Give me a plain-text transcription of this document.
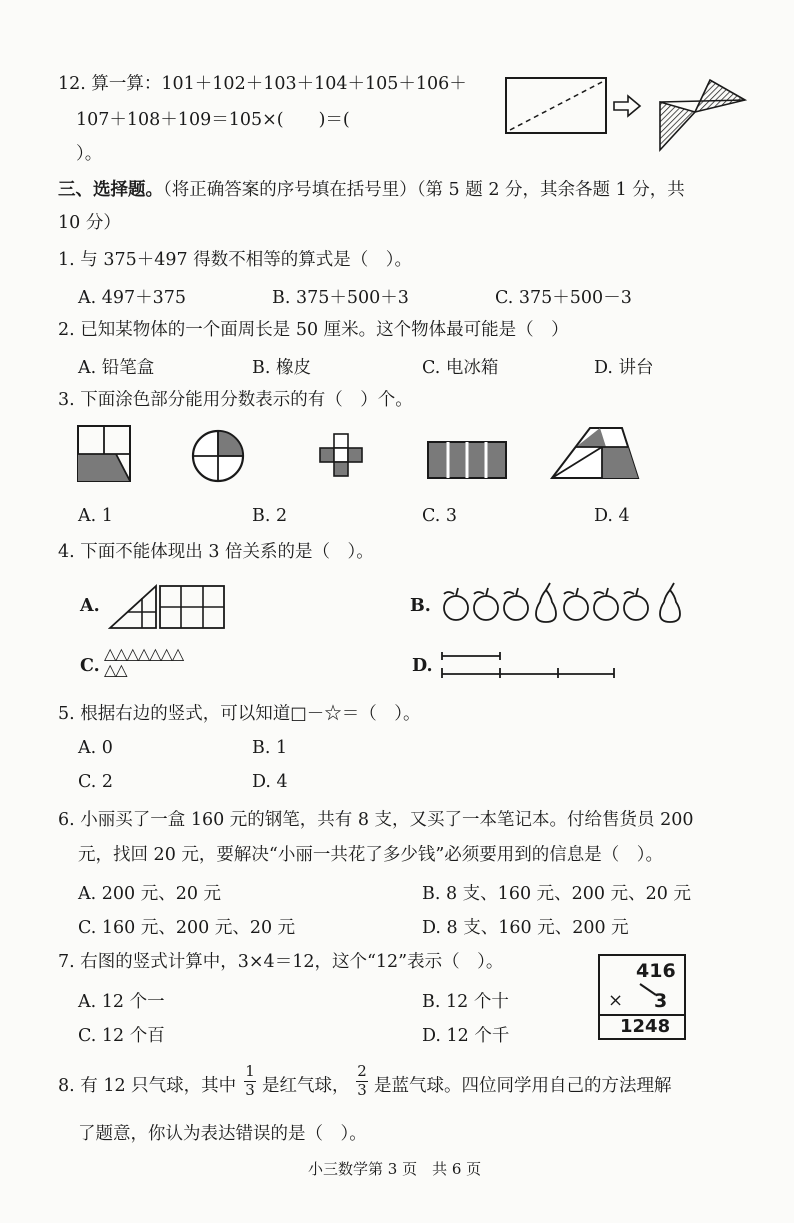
12. 算一算：101＋102＋103＋104＋105＋106＋
107＋108＋109＝105×(　　)＝(
）。
三、选择题。（将正确答案的序号填在括号里）（第 5 题 2 分，其余各题 1 分，共
10 分）
1. 与 375＋497 得数不相等的算式是（　）。
A. 497＋375	B. 375＋500＋3	C. 375＋500－3
2. 已知某物体的一个面周长是 50 厘米。这个物体最可能是（　）
A. 铅笔盒	B. 橡皮	C. 电冰箱	D. 讲台
3. 下面涂色部分能用分数表示的有（　）个。
A. 1	B. 2	C. 3	D. 4
4. 下面不能体现出 3 倍关系的是（　）。
A.	B.
C.
△△△△△△△
△△	D.
5. 根据右边的竖式，可以知道□－☆＝（　）。
A. 0	B. 1
C. 2	D. 4
6. 小丽买了一盒 160 元的钢笔，共有 8 支，又买了一本笔记本。付给售货员 200
元，找回 20 元，要解决“小丽一共花了多少钱”必须要用到的信息是（　）。
A. 200 元、20 元	B. 8 支、160 元、200 元、20 元
C. 160 元、200 元、20 元	D. 8 支、160 元、200 元
7. 右图的竖式计算中，3×4＝12，这个“12”表示（　）。
A. 12 个一	B. 12 个十
C. 12 个百	D. 12 个千
416
× 3
1248
8. 有 12 只气球，其中
1
3 是红气球，
2
3 是蓝气球。四位同学用自己的方法理解
了题意，你认为表达错误的是（　）。
小三数学第 3 页　共 6 页
